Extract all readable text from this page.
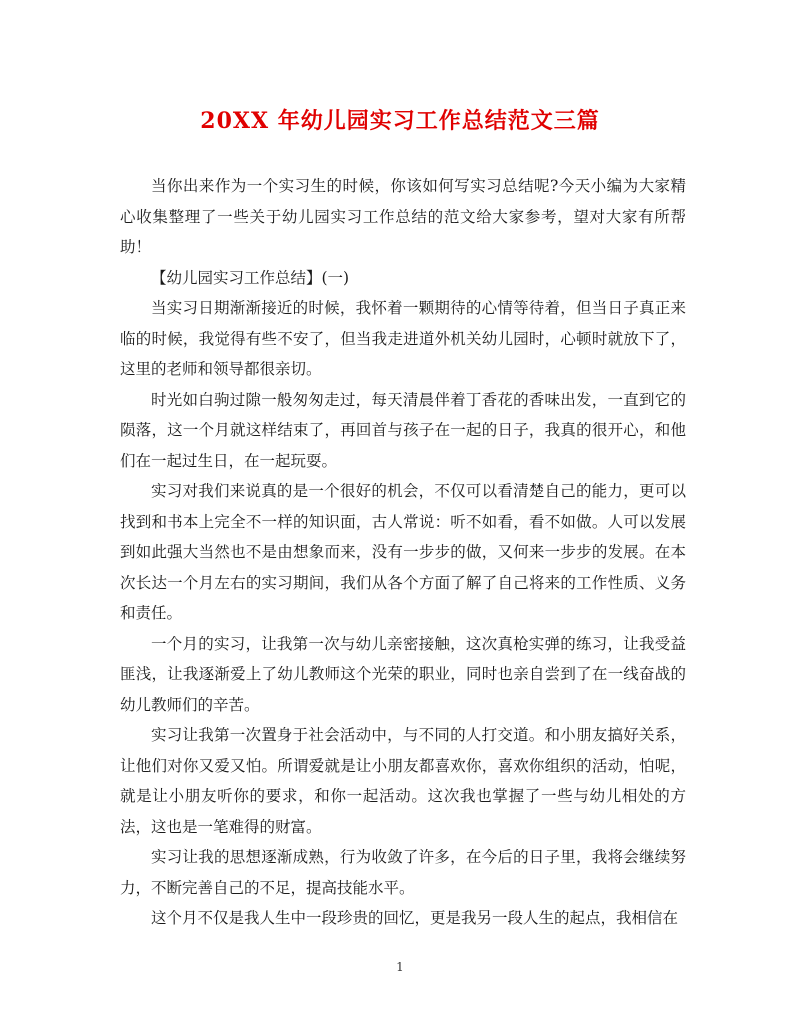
20XX 年幼儿园实习工作总结范文三篇

当你出来作为一个实习生的时候，你该如何写实习总结呢?今天小编为大家精心收集整理了一些关于幼儿园实习工作总结的范文给大家参考，望对大家有所帮助！

【幼儿园实习工作总结】(一)

当实习日期渐渐接近的时候，我怀着一颗期待的心情等待着，但当日子真正来临的时候，我觉得有些不安了，但当我走进道外机关幼儿园时，心顿时就放下了，这里的老师和领导都很亲切。

时光如白驹过隙一般匆匆走过，每天清晨伴着丁香花的香味出发，一直到它的陨落，这一个月就这样结束了，再回首与孩子在一起的日子，我真的很开心，和他们在一起过生日，在一起玩耍。

实习对我们来说真的是一个很好的机会，不仅可以看清楚自己的能力，更可以找到和书本上完全不一样的知识面，古人常说：听不如看，看不如做。人可以发展到如此强大当然也不是由想象而来，没有一步步的做，又何来一步步的发展。在本次长达一个月左右的实习期间，我们从各个方面了解了自己将来的工作性质、义务和责任。

一个月的实习，让我第一次与幼儿亲密接触，这次真枪实弹的练习，让我受益匪浅，让我逐渐爱上了幼儿教师这个光荣的职业，同时也亲自尝到了在一线奋战的幼儿教师们的辛苦。

实习让我第一次置身于社会活动中，与不同的人打交道。和小朋友搞好关系，让他们对你又爱又怕。所谓爱就是让小朋友都喜欢你，喜欢你组织的活动，怕呢，就是让小朋友听你的要求，和你一起活动。这次我也掌握了一些与幼儿相处的方法，这也是一笔难得的财富。

实习让我的思想逐渐成熟，行为收敛了许多，在今后的日子里，我将会继续努力，不断完善自己的不足，提高技能水平。

这个月不仅是我人生中一段珍贵的回忆，更是我另一段人生的起点，我相信在

1
